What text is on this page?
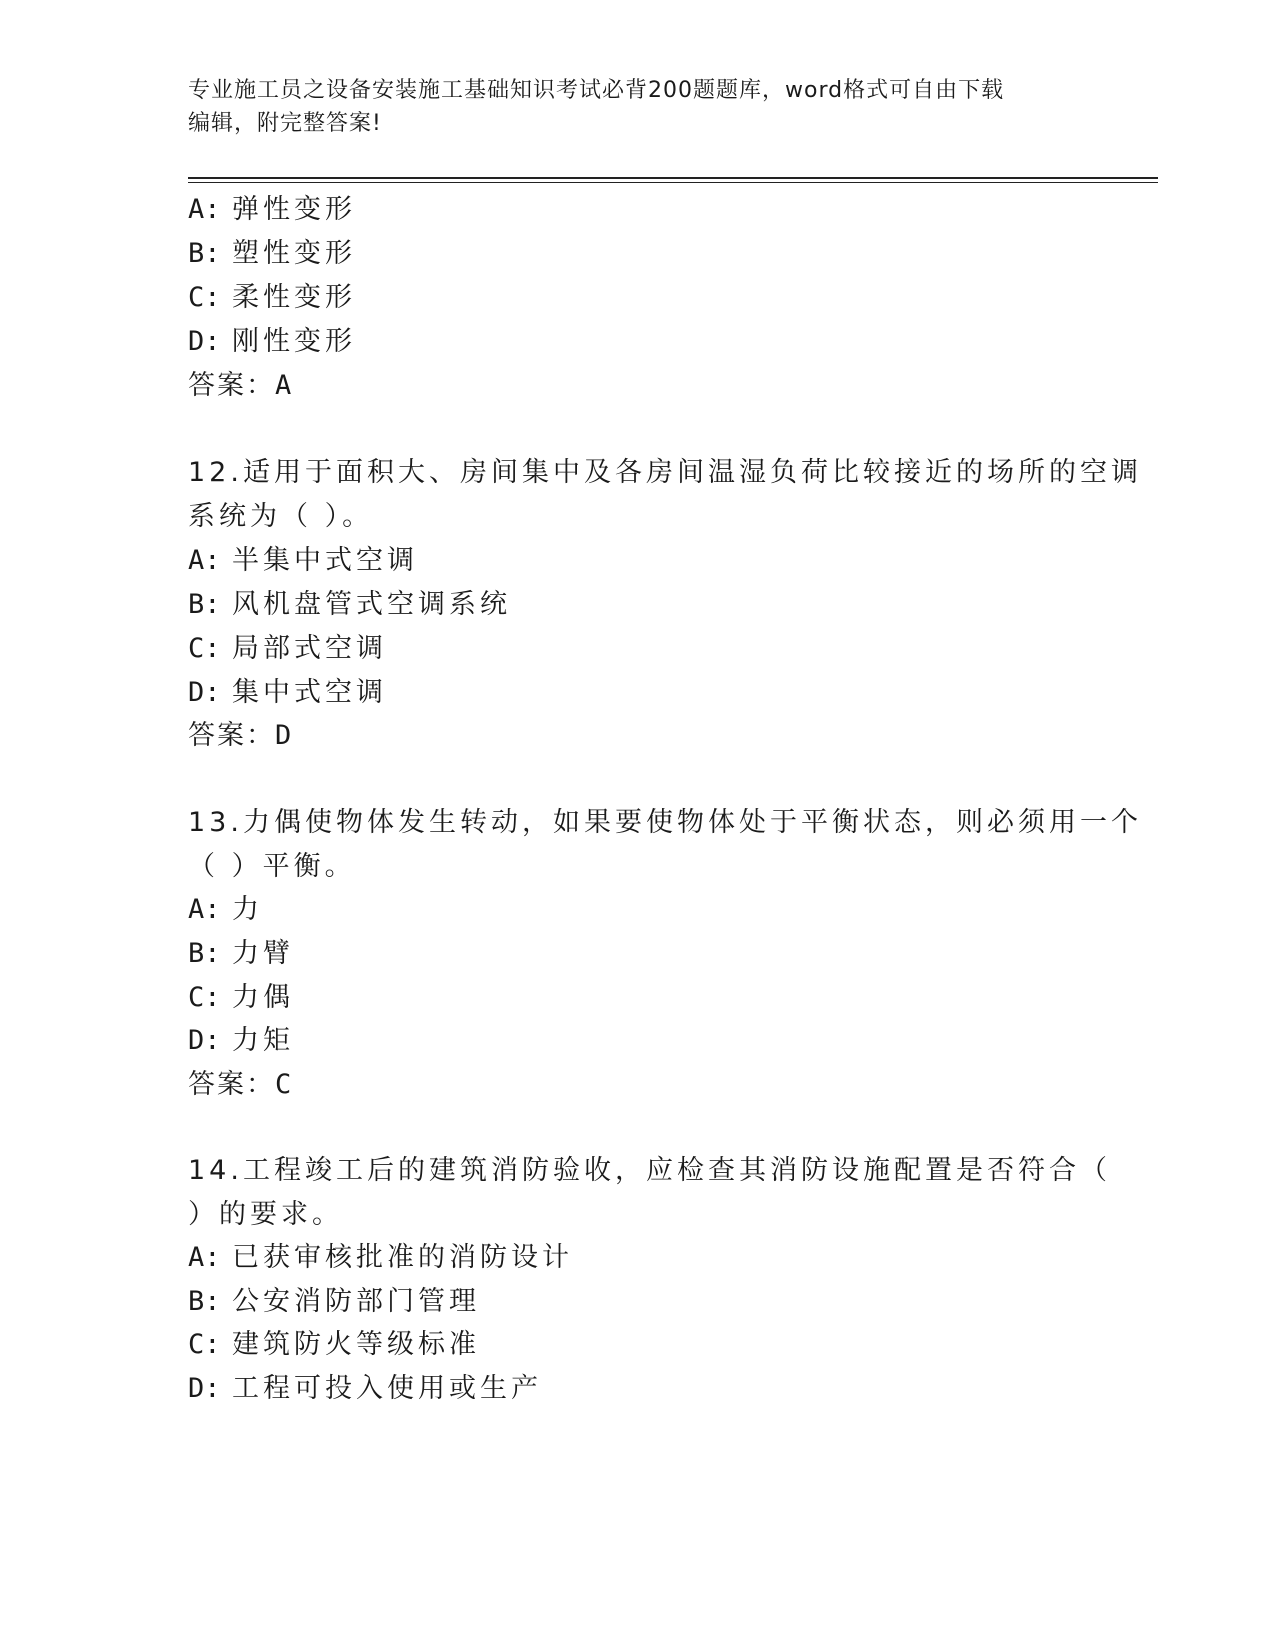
专业施工员之设备安装施工基础知识考试必背200题题库，word格式可自由下载
编辑，附完整答案!
A: 弹性变形
B: 塑性变形
C: 柔性变形
D: 刚性变形
答案：A
12.适用于面积大、房间集中及各房间温湿负荷比较接近的场所的空调
系统为（ ）。
A: 半集中式空调
B: 风机盘管式空调系统
C: 局部式空调
D: 集中式空调
答案：D
13.力偶使物体发生转动，如果要使物体处于平衡状态，则必须用一个
（ ）平衡。
A: 力
B: 力臂
C: 力偶
D: 力矩
答案：C
14.工程竣工后的建筑消防验收，应检查其消防设施配置是否符合（
）的要求。
A: 已获审核批准的消防设计
B: 公安消防部门管理
C: 建筑防火等级标准
D: 工程可投入使用或生产
